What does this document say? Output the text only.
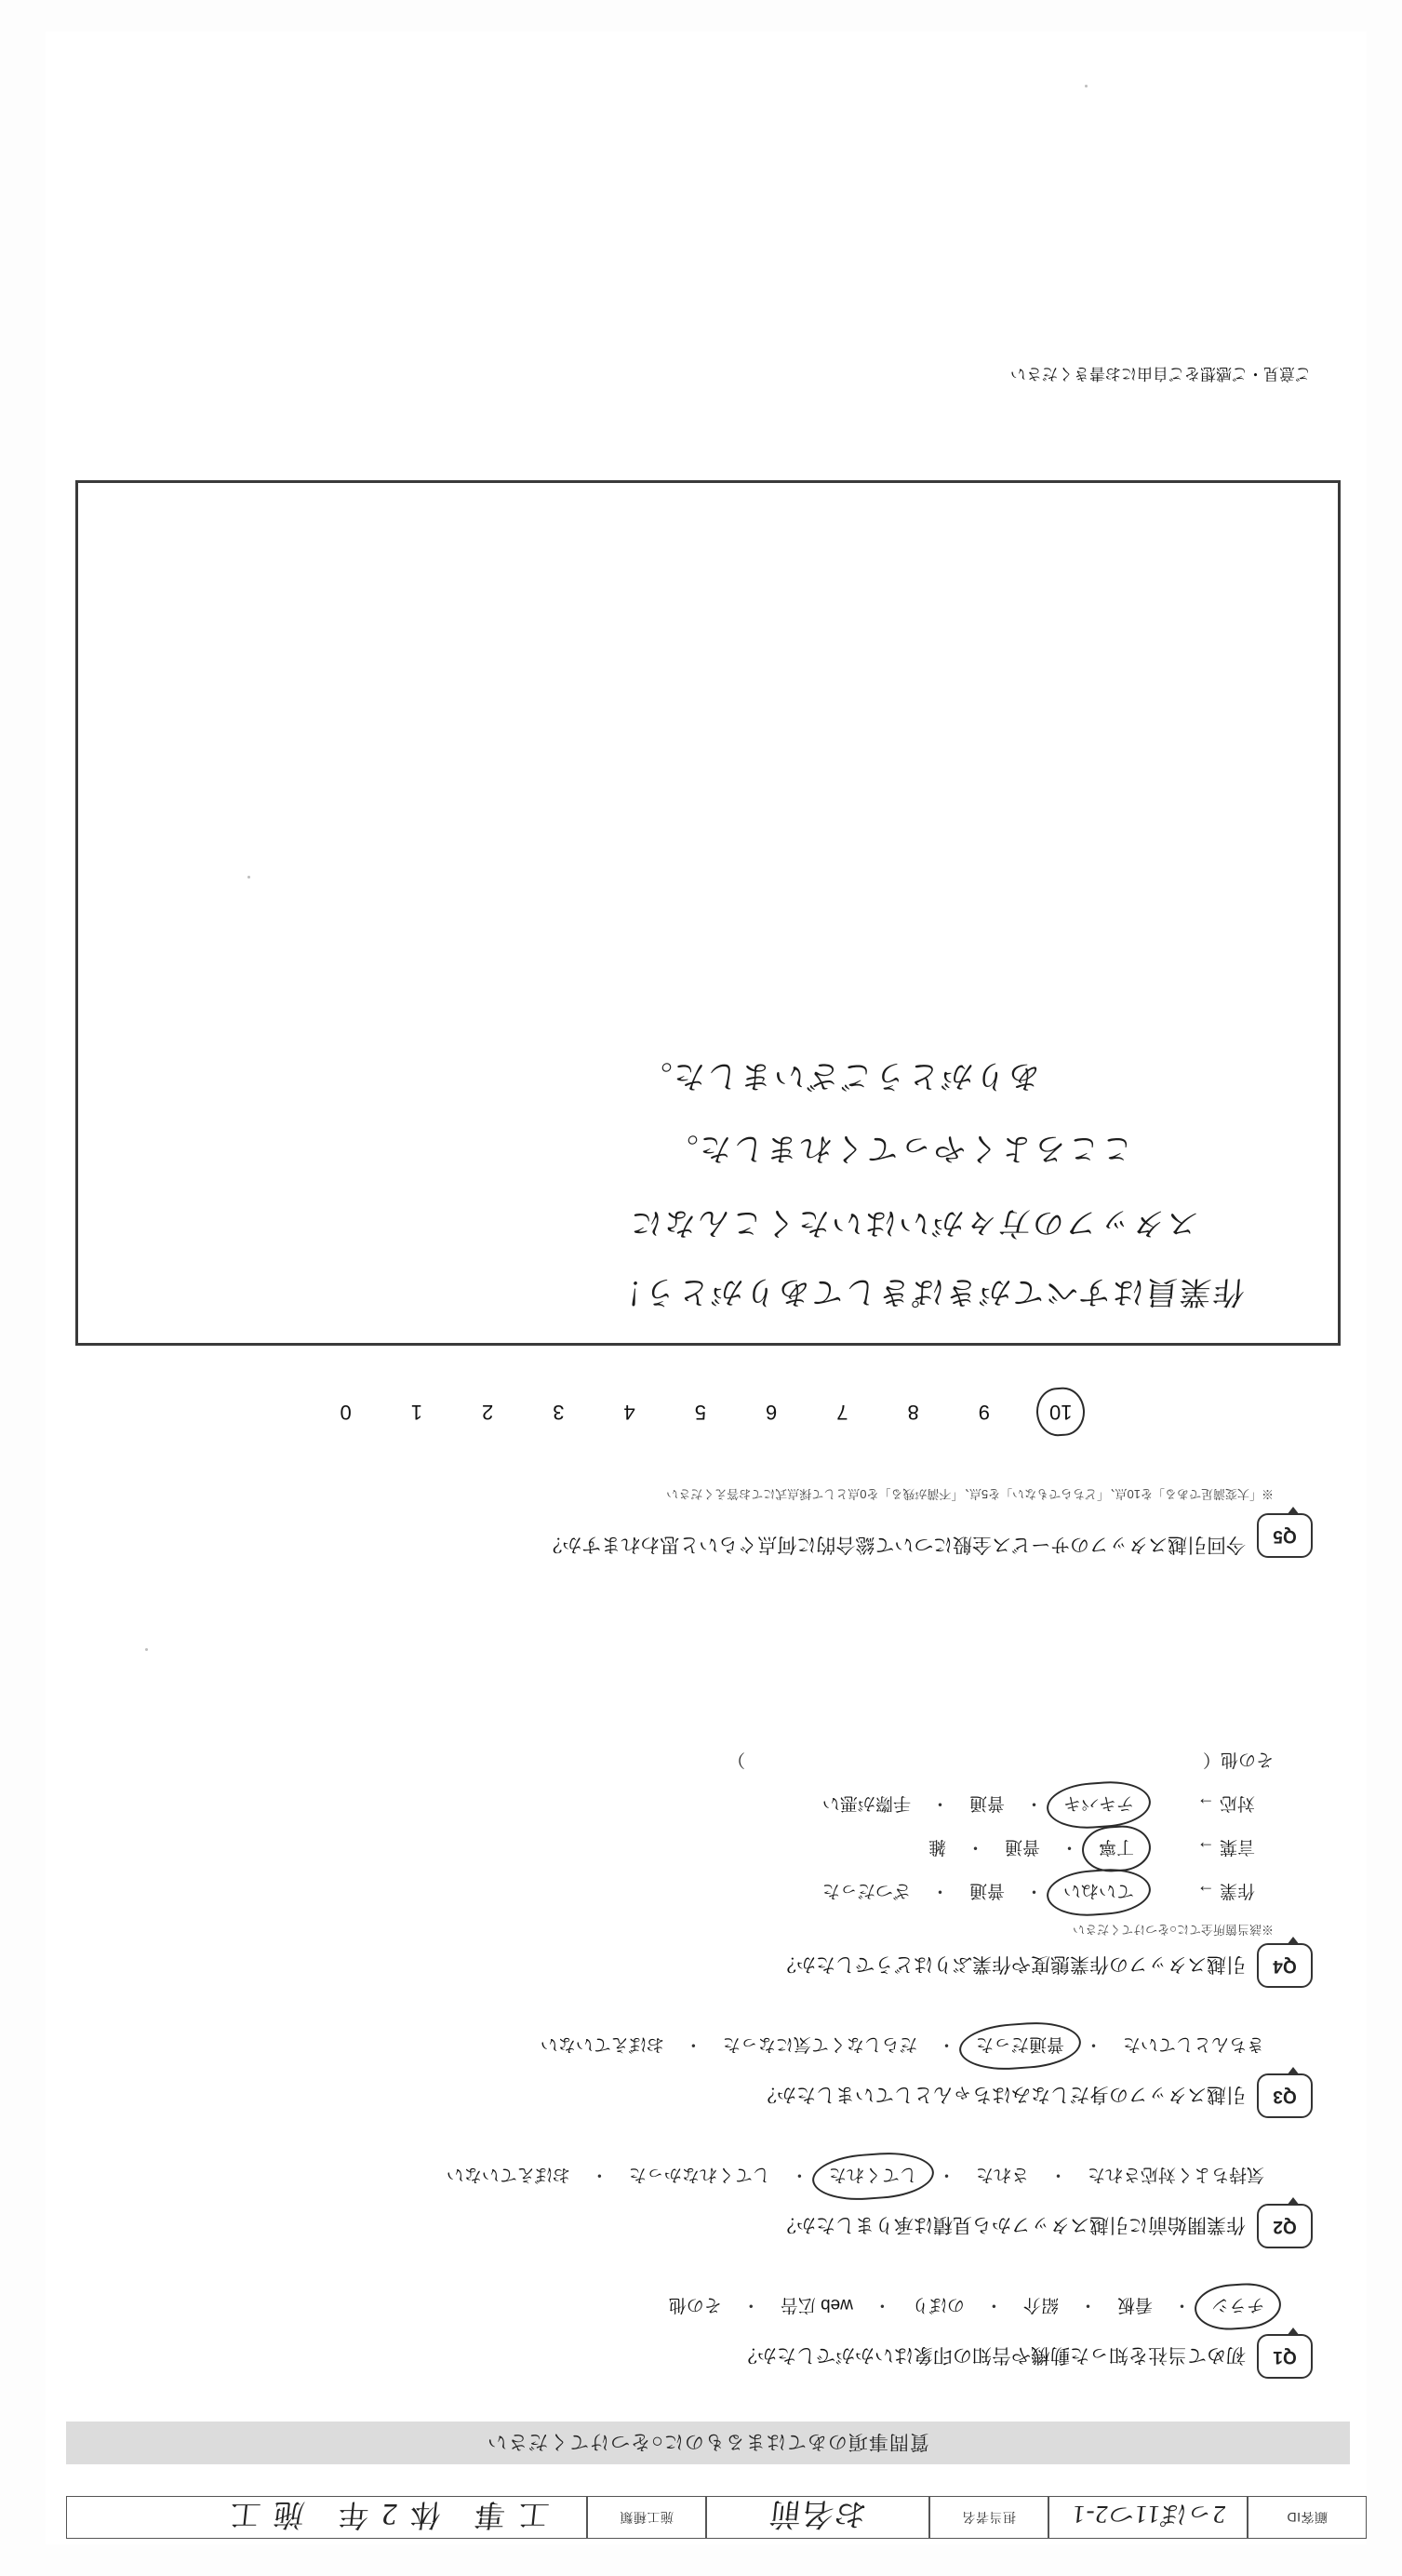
顧客ID
2っぽ11つ2-1
担当者名
お名前
施工種類
工事 体2年 施工
質問事項のあてはまるものに○をつけてください
Q1
初めて当社を知った動機や告知の印象はいかがでしたか？
チラシ
・
看板
・
紹介
・
のぼり
・
web 広告
・
その他
Q2
作業開始前に引越スタッフから見積は承りましたか？
気持ちよく対応された
・
された
・
してくれた
・
してくれなかった
・
おぼえていない
Q3
引越スタッフの身だしなみはちゃんとしていましたか？
きちんとしていた
・
普通だった
・
だらしなくて気になった
・
おぼえていない
Q4
引越スタッフの作業態度や作業ぶりはどうでしたか？
※該当箇所全てに○をつけてください
作業 →
ていねい
・
普通
・
ざつだった
言葉 →
丁寧
・
普通
・
雑
対応 →
テキパキ
・
普通
・
手際が悪い
その他（
）
Q5
今回引越スタッフのサービス全般について総合的に何点ぐらいと思われますか？
※「大変満足である」を10点、「どちらでもない」を5点、「不満が残る」を0点として採点式にてお答えください
10
9
8
7
6
5
4
3
2
1
0
ご意見・ご感想をご自由にお書きください
作業員はすべてがきぱきしてありがとう！
スタッフの方々がいはいたくこんなに
こころよくやってくれました。
ありがとうございました。
